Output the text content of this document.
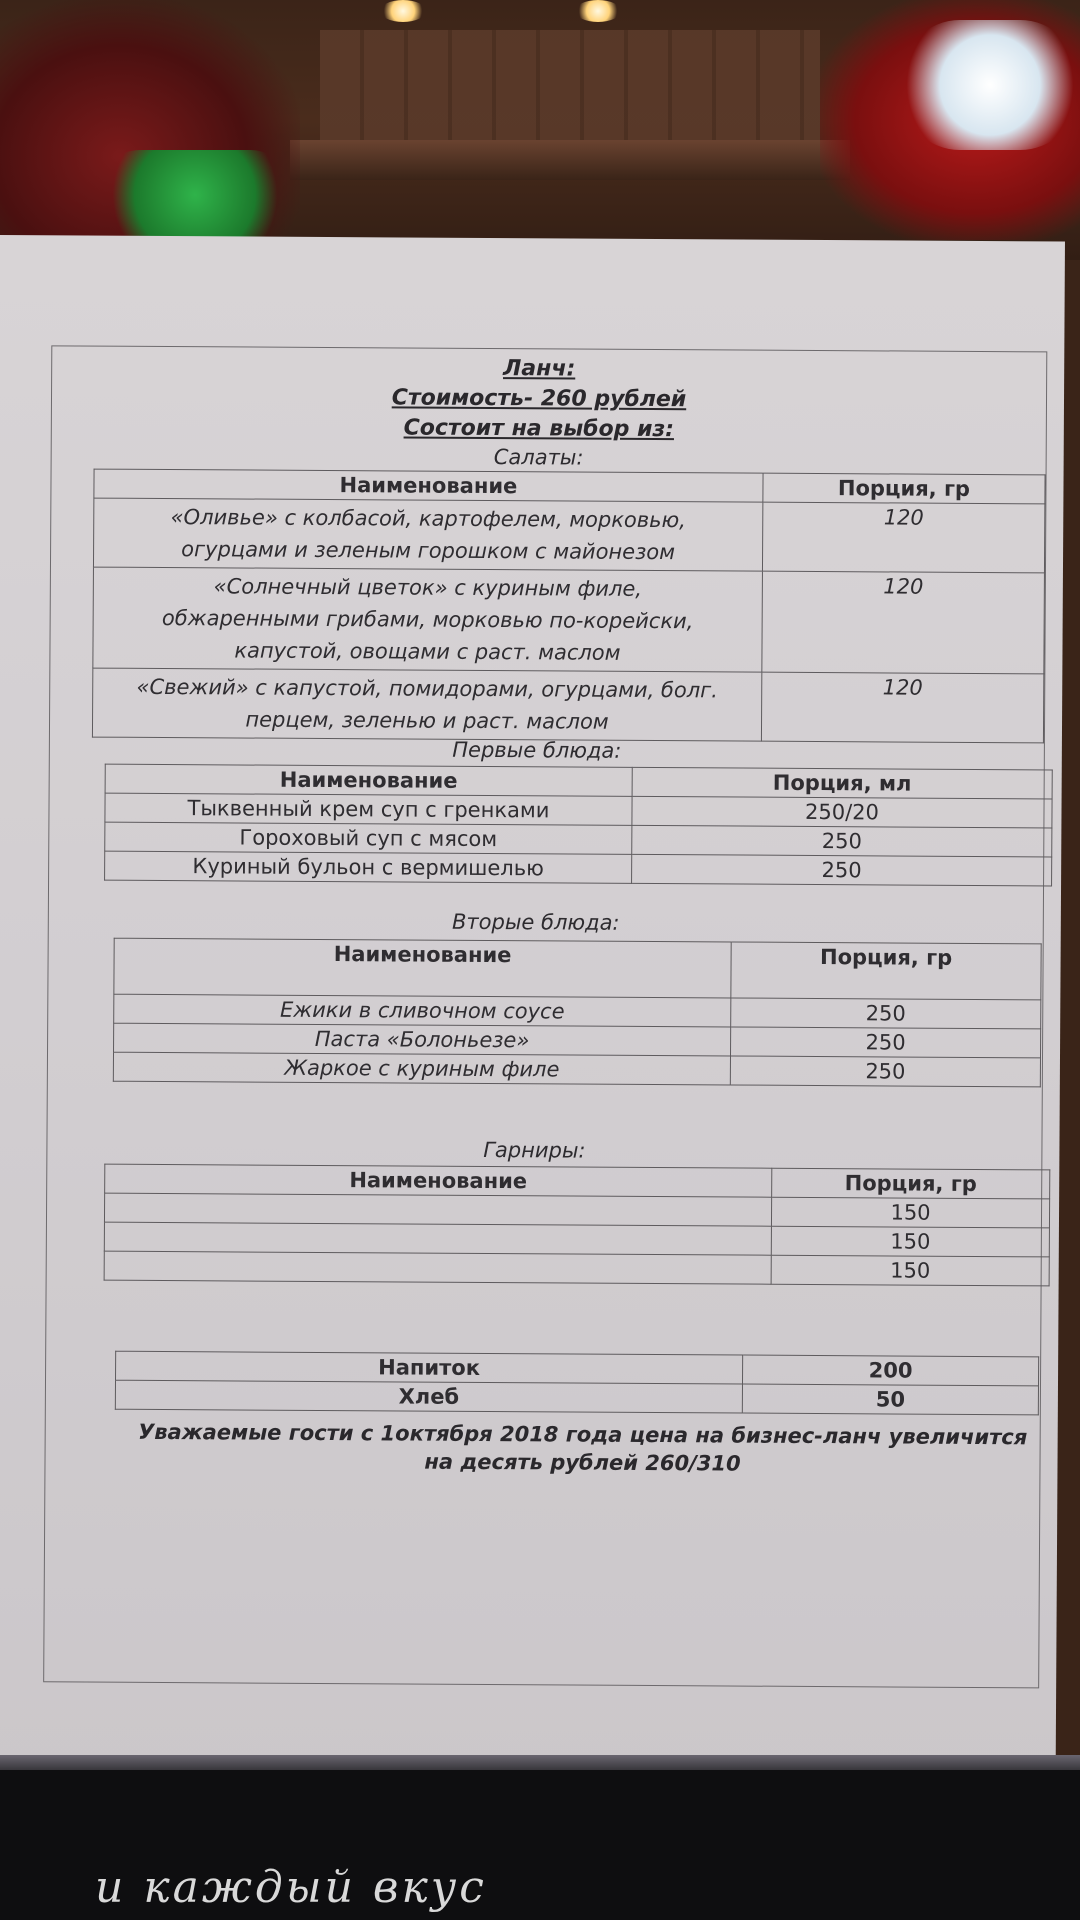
Ланч:
Стоимость- 260 рублей
Состоит на выбор из:
Салаты:
Наименование	Порция, гр

«Оливье» с колбасой, картофелем, морковью,
огурцами и зеленым горошком с майонезом	120

«Солнечный цветок» с куриным филе,
обжаренными грибами, морковью по-корейски,
капустой, овощами с раст. маслом	120

«Свежий» с капустой, помидорами, огурцами, болг.
перцем, зеленью и раст. маслом	120
Первые блюда:
Наименование	Порция, мл
Тыквенный крем суп с гренками	250/20
Гороховый суп с мясом	250
Куриный бульон с вермишелью	250
Вторые блюда:
Наименование	Порция, гр
Ежики в сливочном соусе	250
Паста «Болоньезе»	250
Жаркое с куриным филе	250
Гарниры:
Наименование	Порция, гр
	150
	150
	150
Напиток	200
Хлеб	50
Уважаемые гости с 1октября 2018 года цена на бизнес-ланч увеличится
на десять рублей 260/310
и каждый вкус
